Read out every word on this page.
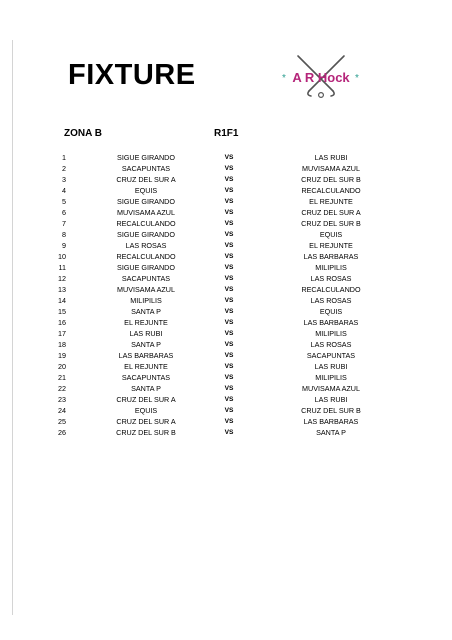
FIXTURE	*	*
A R Hock
ZONA B	R1F1
1	SIGUE GIRANDO	VS	LAS RUBI
2	SACAPUNTAS	VS	MUVISAMA AZUL
3	CRUZ DEL SUR A	VS	CRUZ DEL SUR B
4	EQUIS	VS	RECALCULANDO
5	SIGUE GIRANDO	VS	EL REJUNTE
6	MUVISAMA AZUL	VS	CRUZ DEL SUR A
7	RECALCULANDO	VS	CRUZ DEL SUR B
8	SIGUE GIRANDO	VS	EQUIS
9	LAS ROSAS	VS	EL REJUNTE
10	RECALCULANDO	VS	LAS BARBARAS
11	SIGUE GIRANDO	VS	MILIPILIS
12	SACAPUNTAS	VS	LAS ROSAS
13	MUVISAMA AZUL	VS	RECALCULANDO
14	MILIPILIS	VS	LAS ROSAS
15	SANTA P	VS	EQUIS
16	EL REJUNTE	VS	LAS BARBARAS
17	LAS RUBI	VS	MILIPILIS
18	SANTA P	VS	LAS ROSAS
19	LAS BARBARAS	VS	SACAPUNTAS
20	EL REJUNTE	VS	LAS RUBI
21	SACAPUNTAS	VS	MILIPILIS
22	SANTA P	VS	MUVISAMA AZUL
23	CRUZ DEL SUR A	VS	LAS RUBI
24	EQUIS	VS	CRUZ DEL SUR B
25	CRUZ DEL SUR A	VS	LAS BARBARAS
26	CRUZ DEL SUR B	VS	SANTA P
